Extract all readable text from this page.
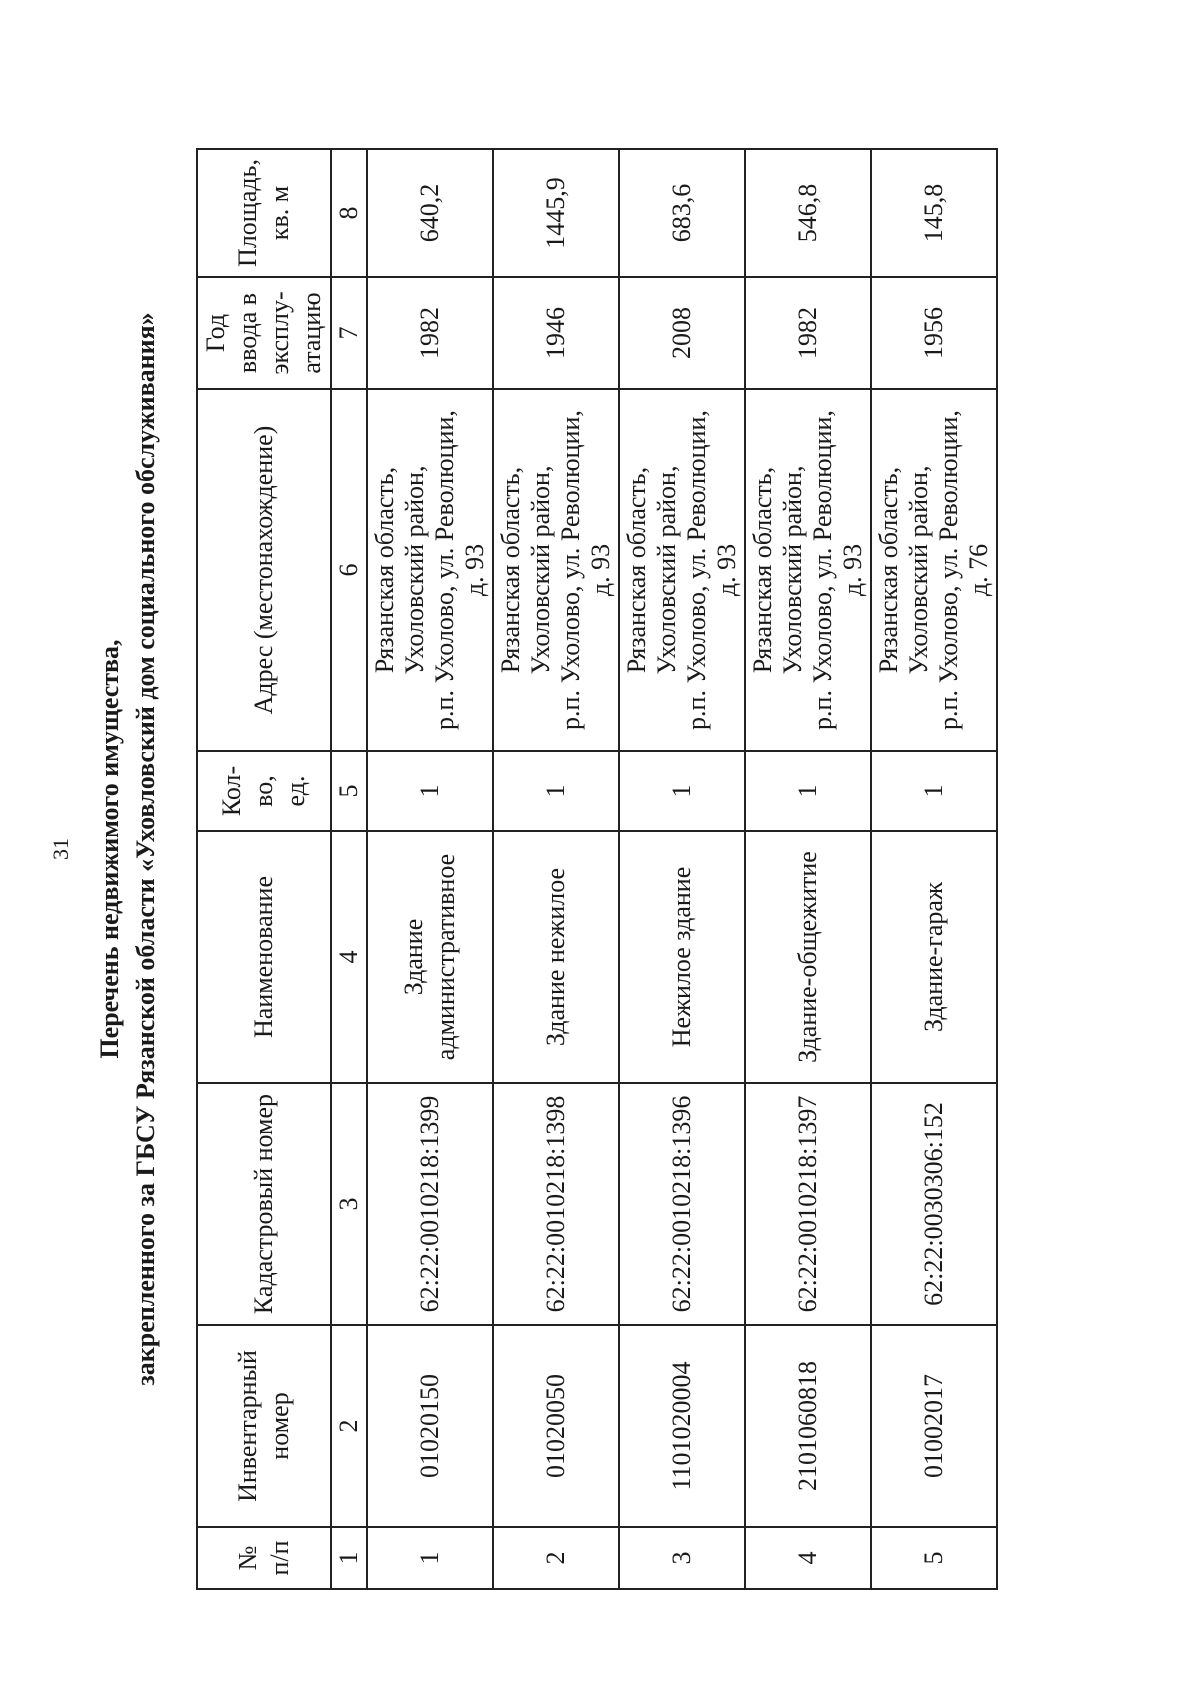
31 Перечень недвижимого имущества, закрепленного за ГБСУ Рязанской области «Уховловский дом социального обслуживания»
№ п/п	Инвентарный номер	Кадастровый номер	Наименование	Кол-во, ед.	Адрес (местонахождение)	Год ввода в эксплу-атацию	Площадь, кв. м
1	2	3	4	5	6	7	8
1	01020150	62:22:0010218:1399	Здание административное	1	Рязанская область, Ухоловский район, р.п. Ухолово, ул. Революции, д. 93	1982	640,2
2	01020050	62:22:0010218:1398	Здание нежилое	1	Рязанская область, Ухоловский район, р.п. Ухолово, ул. Революции, д. 93	1946	1445,9
3	1101020004	62:22:0010218:1396	Нежилое здание	1	Рязанская область, Ухоловский район, р.п. Ухолово, ул. Революции, д. 93	2008	683,6
4	2101060818	62:22:0010218:1397	Здание-общежитие	1	Рязанская область, Ухоловский район, р.п. Ухолово, ул. Революции, д. 93	1982	546,8
5	01002017	62:22:0030306:152	Здание-гараж	1	Рязанская область, Ухоловский район, р.п. Ухолово, ул. Революции, д. 76	1956	145,8
